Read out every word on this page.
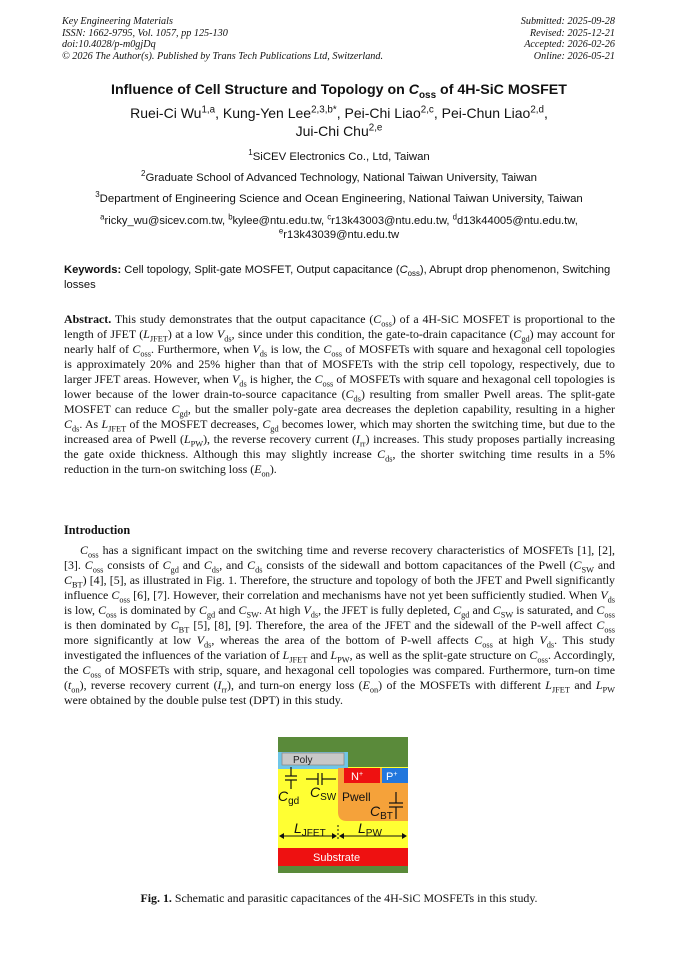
Key Engineering Materials
ISSN: 1662-9795, Vol. 1057, pp 125-130
doi:10.4028/p-m0gjDq
© 2026 The Author(s). Published by Trans Tech Publications Ltd, Switzerland.
Submitted: 2025-09-28
Revised: 2025-12-21
Accepted: 2026-02-26
Online: 2026-05-21
Influence of Cell Structure and Topology on $C_{oss}$ of 4H-SiC MOSFET
Ruei-Ci Wu$^{1,a}$, Kung-Yen Lee$^{2,3,b*}$, Pei-Chi Liao$^{2,c}$, Pei-Chun Liao$^{2,d}$,
Jui-Chi Chu$^{2,e}$
$^1$SiCEV Electronics Co., Ltd, Taiwan
$^2$Graduate School of Advanced Technology, National Taiwan University, Taiwan
$^3$Department of Engineering Science and Ocean Engineering, National Taiwan University, Taiwan
$^a$ricky_wu@sicev.com.tw, $^b$kylee@ntu.edu.tw, $^c$r13k43003@ntu.edu.tw, $^d$d13k44005@ntu.edu.tw,
$^e$r13k43039@ntu.edu.tw
Keywords: Cell topology, Split-gate MOSFET, Output capacitance $(C_{oss})$, Abrupt drop phenomenon, Switching losses
Abstract. This study demonstrates that the output capacitance $(C_{oss})$ of a 4H-SiC MOSFET is proportional to the length of JFET $(L_{JFET})$ at a low $V_{ds}$, since under this condition, the gate-to-drain capacitance $(C_{gd})$ may account for nearly half of $C_{oss}$. Furthermore, when $V_{ds}$ is low, the $C_{oss}$ of MOSFETs with square and hexagonal cell topologies is approximately 20% and 25% higher than that of MOSFETs with the strip cell topology, respectively, due to larger JFET areas. However, when $V_{ds}$ is higher, the $C_{oss}$ of MOSFETs with square and hexagonal cell topologies is lower because of the lower drain-to-source capacitance $(C_{ds})$ resulting from smaller Pwell areas. The split-gate MOSFET can reduce $C_{gd}$, but the smaller poly-gate area decreases the depletion capability, resulting in a higher $C_{ds}$. As $L_{JFET}$ of the MOSFET decreases, $C_{gd}$ becomes lower, which may shorten the switching time, but due to the increased area of Pwell $(L_{PW})$, the reverse recovery current $(I_{rr})$ increases. This study proposes partially increasing the gate oxide thickness. Although this may slightly increase $C_{ds}$, the shorter switching time results in a 5% reduction in the turn-on switching loss $(E_{on})$.
Introduction

$C_{oss}$ has a significant impact on the switching time and reverse recovery characteristics of MOSFETs [1], [2], [3]. $C_{oss}$ consists of $C_{gd}$ and $C_{ds}$, and $C_{ds}$ consists of the sidewall and bottom capacitances of the Pwell ($C_{SW}$ and $C_{BT}$) [4], [5], as illustrated in Fig. 1. Therefore, the structure and topology of both the JFET and Pwell significantly influence $C_{oss}$ [6], [7]. However, their correlation and mechanisms have not yet been sufficiently studied. When $V_{ds}$ is low, $C_{oss}$ is dominated by $C_{gd}$ and $C_{SW}$. At high $V_{ds}$, the JFET is fully depleted, $C_{gd}$ and $C_{SW}$ is saturated, and $C_{oss}$ is then dominated by $C_{BT}$ [5], [8], [9]. Therefore, the area of the JFET and the sidewall of the P-well affect $C_{oss}$ more significantly at low $V_{ds}$, whereas the area of the bottom of P-well affects $C_{oss}$ at high $V_{ds}$. This study investigated the influences of the variation of $L_{JFET}$ and $L_{PW}$, as well as the split-gate structure on $C_{oss}$. Accordingly, the $C_{oss}$ of MOSFETs with strip, square, and hexagonal cell topologies was compared. Furthermore, turn-on time $(t_{on})$, reverse recovery current $(I_{rr})$, and turn-on energy loss $(E_{on})$ of the MOSFETs with different $L_{JFET}$ and $L_{PW}$ were obtained by the double pulse test (DPT) in this study.

Poly
N+ P+
Pwell
Substrate
$C_{gd}$
$C_{SW}$
$C_{BT}$
$L_{JFET}$ $L_{PW}$
Fig. 1. Schematic and parasitic capacitances of the 4H-SiC MOSFETs in this study.
